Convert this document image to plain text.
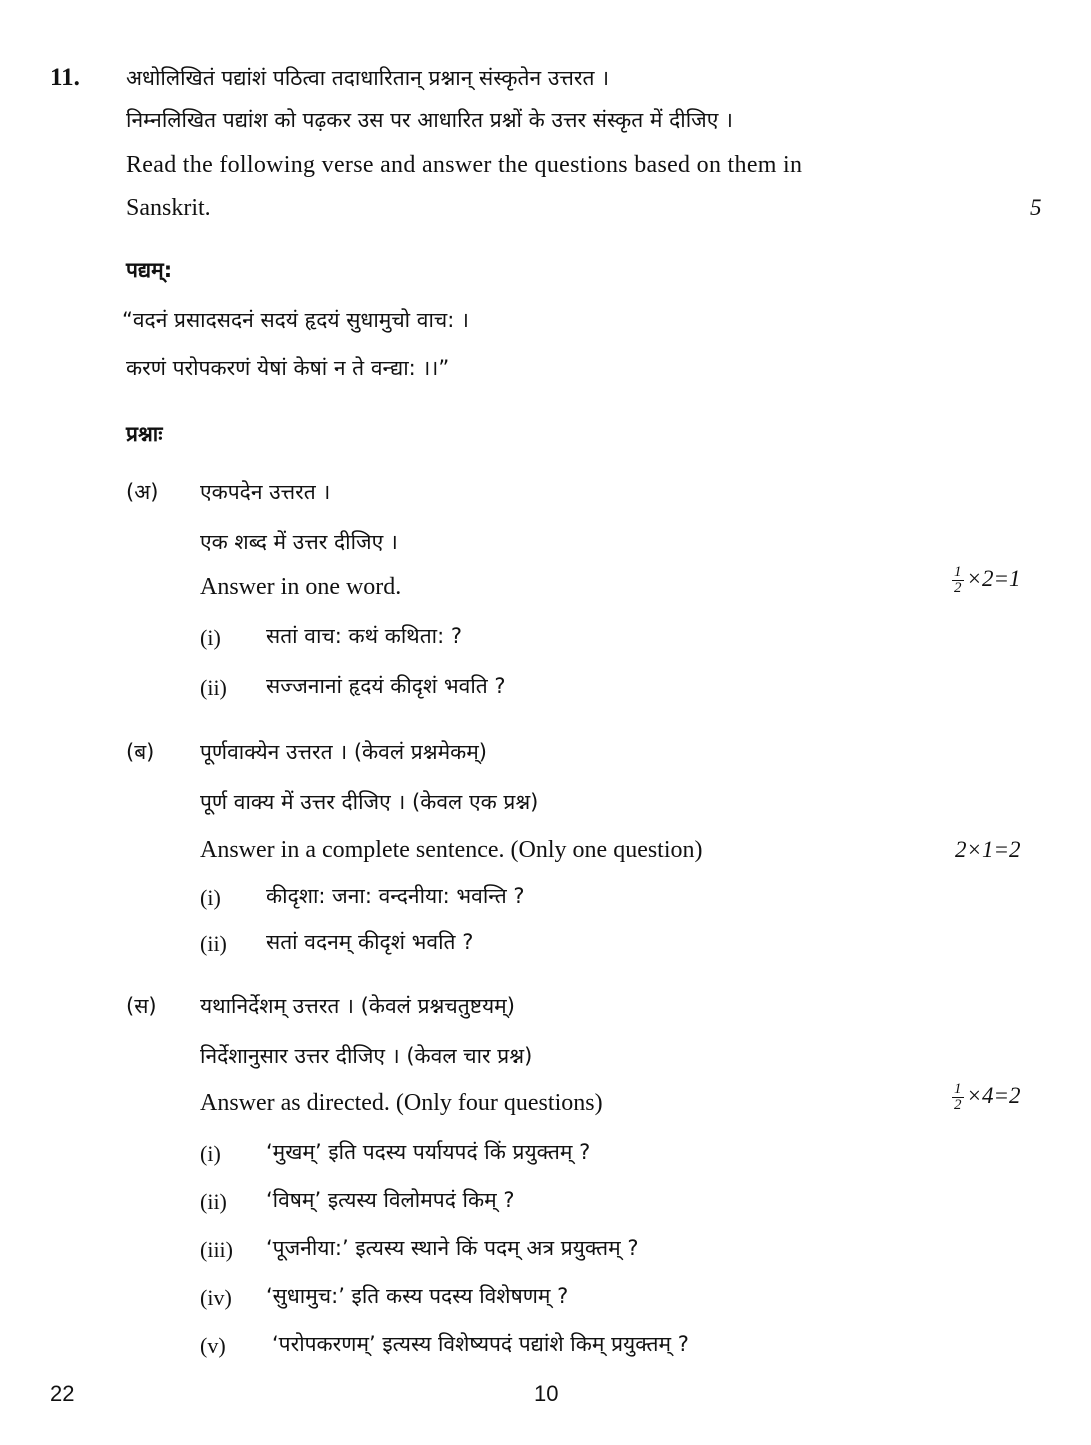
11. अधोलिखितं पद्यांशं पठित्वा तदाधारितान् प्रश्नान् संस्कृतेन उत्तरत ।
निम्नलिखित पद्यांश को पढ़कर उस पर आधारित प्रश्नों के उत्तर संस्कृत में दीजिए ।
Read the following verse and answer the questions based on them in
Sanskrit.	5
पद्यम्:
“वदनं प्रसादसदनं सदयं हृदयं सुधामुचो वाच: ।
करणं परोपकरणं येषां केषां न ते वन्द्या: ।।”
प्रश्नाः
(अ) एकपदेन उत्तरत ।
एक शब्द में उत्तर दीजिए ।
Answer in one word.	$\frac{1}{2} \times 2=1$
(i) सतां वाच: कथं कथिता: ?
(ii) सज्जनानां हृदयं कीदृशं भवति ?
(ब) पूर्णवाक्येन उत्तरत । (केवलं प्रश्नमेकम्)
पूर्ण वाक्य में उत्तर दीजिए । (केवल एक प्रश्न)
Answer in a complete sentence. (Only one question)	2×1=2
(i) कीदृशा: जना: वन्दनीया: भवन्ति ?
(ii) सतां वदनम् कीदृशं भवति ?
(स) यथानिर्देशम् उत्तरत । (केवलं प्रश्नचतुष्टयम्)
निर्देशानुसार उत्तर दीजिए । (केवल चार प्रश्न)
Answer as directed. (Only four questions)	$\frac{1}{2} \times 4=2$
(i) ‘मुखम्’ इति पदस्य पर्यायपदं किं प्रयुक्तम् ?
(ii) ‘विषम्’ इत्यस्य विलोमपदं किम् ?
(iii) ‘पूजनीया:’ इत्यस्य स्थाने किं पदम् अत्र प्रयुक्तम् ?
(iv) ‘सुधामुच:’ इति कस्य पदस्य विशेषणम् ?
(v) ‘परोपकरणम्’ इत्यस्य विशेष्यपदं पद्यांशे किम् प्रयुक्तम् ?
22	10
